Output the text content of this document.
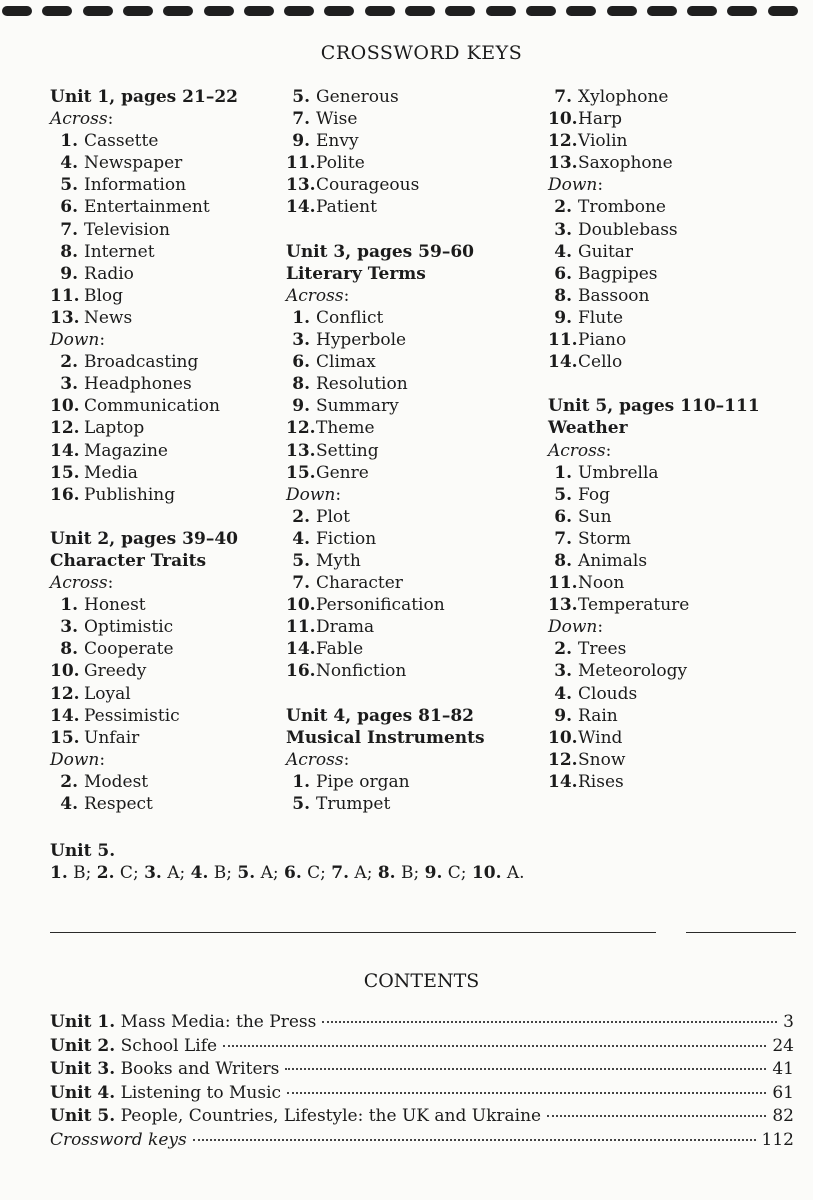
CROSSWORD KEYS
Unit 1, pages 21–22
Across:
1. Cassette
4. Newspaper
5. Information
6. Entertainment
7. Television
8. Internet
9. Radio
11. Blog
13. News
Down:
2. Broadcasting
3. Headphones
10. Communication
12. Laptop
14. Magazine
15. Media
16. Publishing
Unit 2, pages 39–40
Character Traits
Across:
1. Honest
3. Optimistic
8. Cooperate
10. Greedy
12. Loyal
14. Pessimistic
15. Unfair
Down:
2. Modest
4. Respect
5. Generous
7. Wise
9. Envy
11.Polite
13.Courageous
14.Patient
Unit 3, pages 59–60
Literary Terms
Across:
1. Conflict
3. Hyperbole
6. Climax
8. Resolution
9. Summary
12.Theme
13.Setting
15.Genre
Down:
2. Plot
4. Fiction
5. Myth
7. Character
10.Personification
11.Drama
14.Fable
16.Nonfiction
Unit 4, pages 81–82
Musical Instruments
Across:
1. Pipe organ
5. Trumpet
7. Xylophone
10.Harp
12.Violin
13.Saxophone
Down:
2. Trombone
3. Doublebass
4. Guitar
6. Bagpipes
8. Bassoon
9. Flute
11.Piano
14.Cello
Unit 5, pages 110–111
Weather
Across:
1. Umbrella
5. Fog
6. Sun
7. Storm
8. Animals
11.Noon
13.Temperature
Down:
2. Trees
3. Meteorology
4. Clouds
9. Rain
10.Wind
12.Snow
14.Rises
Unit 5.
1. B; 2. C; 3. A; 4. B; 5. A; 6. C; 7. A; 8. B; 9. C; 10. A.
CONTENTS
Unit 1. Mass Media: the Press	3
Unit 2. School Life	24
Unit 3. Books and Writers	41
Unit 4. Listening to Music	61
Unit 5. People, Countries, Lifestyle: the UK and Ukraine	82
Crossword keys	112
